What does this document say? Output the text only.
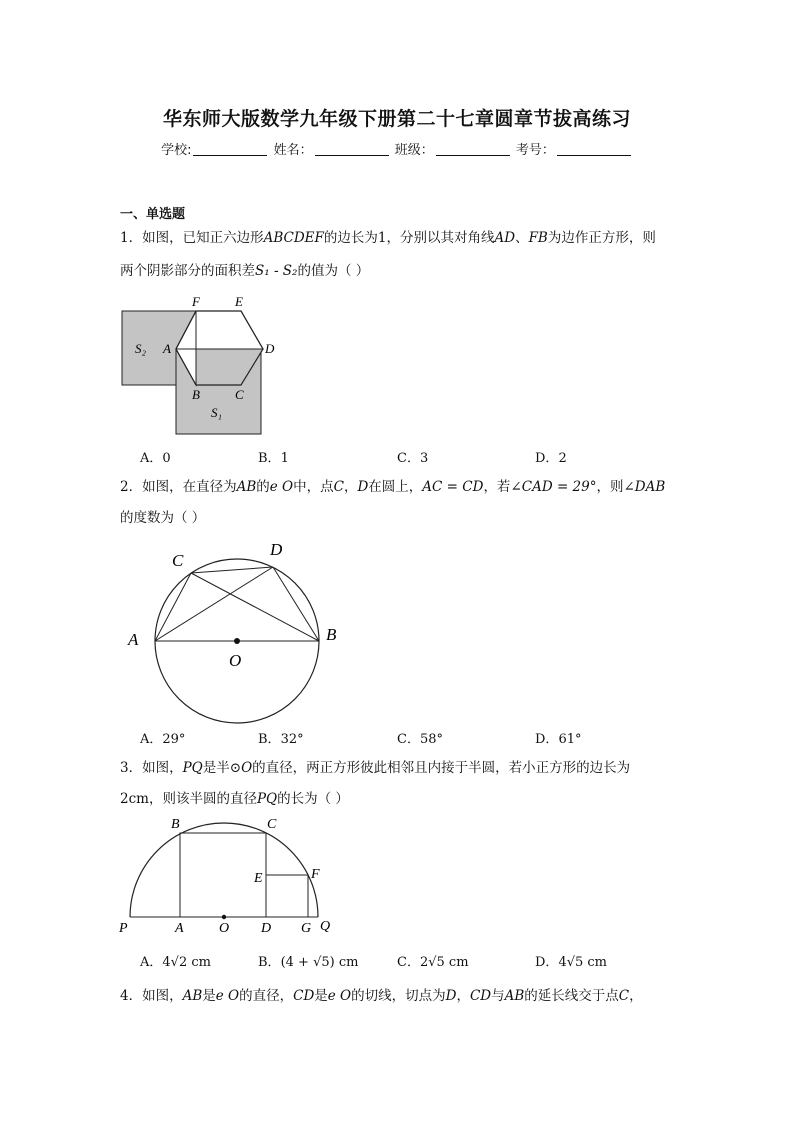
华东师大版数学九年级下册第二十七章圆章节拔高练习
学校:	姓名：	班级：	考号：
一、单选题
1．如图，已知正六边形ABCDEF的边长为1，分别以其对角线AD、FB为边作正方形，则
两个阴影部分的面积差S₁ - S₂的值为（ ）
F	E
A	D
B	C
S₂
S₁
A．0	B．1	C．3	D．2
2．如图，在直径为AB的e O中，点C，D在圆上，AC = CD，若∠CAD = 29°，则∠DAB
的度数为（ ）
C
D
A	B
O
A．29°	B．32°	C．58°	D．61°
3．如图，PQ是半⊙O的直径，两正方形彼此相邻且内接于半圆，若小正方形的边长为
2cm，则该半圆的直径PQ的长为（ ）
B	C
E	F
P	A	O D G Q
A．4√2 cm	B．(4 + √5) cm	C．2√5 cm	D．4√5 cm
4．如图，AB是e O的直径，CD是e O的切线，切点为D，CD与AB的延长线交于点C，
